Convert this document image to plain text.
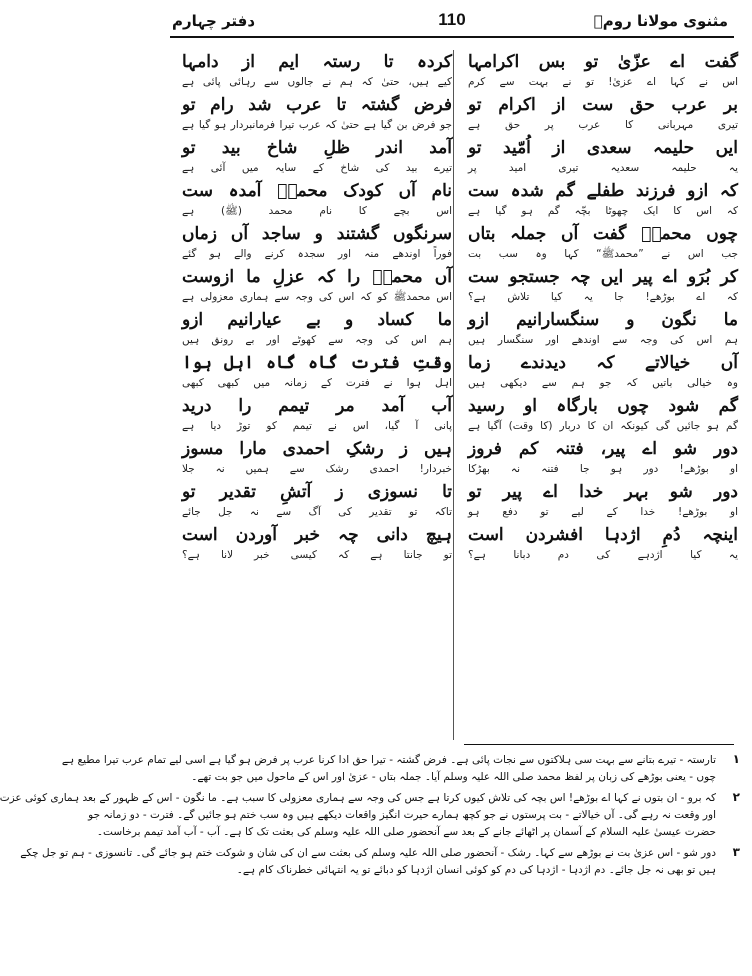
مثنوی مولانا رومؒ
110
دفتر چہارم
گفت اے عزّیٰ تو بس اکرامہا
اس نے کہا اے عزیٰ! تو نے بہت سے کرم
بر عرب حق ست از اکرام تو
تیری مہربانی کا عرب پر حق ہے
ایں حلیمہ سعدی از اُمّید تو
یہ حلیمہ سعدیہ تیری امید پر
کہ ازو فرزند طفلے گم شدہ ست
کہ اس کا ایک چھوٹا بچّہ گم ہو گیا ہے
چوں محمدؐ گفت آں جملہ بتاں
جب اس نے ”محمدﷺ“ کہا وہ سب بت
کر بُرَو اے پیر ایں چہ جستجو ست
کہ اے بوڑھے! جا یہ کیا تلاش ہے؟
ما نگون و سنگسارانیم ازو
ہم اس کی وجہ سے اوندھے اور سنگسار ہیں
آں خیالاتے کہ دیدندے زما
وہ خیالی باتیں کہ جو ہم سے دیکھی ہیں
گم شود چوں بارگاہ او رسید
گم ہو جائیں گی کیونکہ ان کا دربار (کا وقت) آگیا ہے
دور شو اے پیر، فتنہ کم فروز
او بوڑھے! دور ہو جا فتنہ نہ بھڑکا
دور شو بہر خدا اے پیر تو
او بوڑھے! خدا کے لیے تو دفع ہو
اینچہ دُمِ اژدہا افشردن است
یہ کیا اژدہے کی دم دبانا ہے؟
کردہ تا رستہ ایم از دامہا
کیے ہیں، حتیٰ کہ ہم نے جالوں سے رہائی پائی ہے
فرض گشتہ تا عرب شد رام تو
جو فرض بن گیا ہے حتیٰ کہ عرب تیرا فرمانبردار ہو گیا ہے
آمد اندر ظلِ شاخ بید تو
تیرے بید کی شاخ کے سایہ میں آئی ہے
نام آں کودک محمدؐ آمدہ ست
اس بچے کا نام محمد (ﷺ) ہے
سرنگوں گشتند و ساجد آں زماں
فوراً اوندھے منہ اور سجدہ کرنے والے ہو گئے
آں محمدؐ را کہ عزلِ ما ازوست
اس محمدﷺ کو کہ اس کی وجہ سے ہماری معزولی ہے
ما کساد و بے عیارانیم ازو
ہم اس کی وجہ سے کھوٹے اور بے رونق ہیں
وقتِ فترت گاہ گاہ اہل ہوا
اہل ہوا نے فترت کے زمانہ میں کبھی کبھی
آب آمد مر تیمم را درید
پانی آ گیا، اس نے تیمم کو توڑ دیا ہے
ہیں ز رشکِ احمدی مارا مسوز
خبردار! احمدی رشک سے ہمیں نہ جلا
تا نسوزی ز آتشِ تقدیر تو
تاکہ تو تقدیر کی آگ سے نہ جل جائے
ہیچ دانی چہ خبر آوردن است
تو جانتا ہے کہ کیسی خبر لانا ہے؟
۱
تارستہ - تیرے بتانے سے بہت سی ہلاکتوں سے نجات پائی ہے۔ فرض گشتہ - تیرا حق ادا کرنا عرب پر فرض ہو گیا ہے اسی لیے تمام عرب تیرا مطیع ہے
چوں - یعنی بوڑھے کی زبان پر لفظ محمد صلی اللہ علیہ وسلم آیا۔ جملہ بتاں - عزیٰ اور اس کے ماحول میں جو بت تھے۔
۲
کہ برو - ان بتوں نے کہا اے بوڑھے! اس بچہ کی تلاش کیوں کرتا ہے جس کی وجہ سے ہماری معزولی کا سبب ہے۔ ما نگون - اس کے ظہور کے بعد ہماری کوئی عزت
اور وقعت نہ رہے گی۔ آں خیالاتے - بت پرستوں نے جو کچھ ہمارے حیرت انگیز واقعات دیکھے ہیں وہ سب ختم ہو جائیں گے۔ فترت - دو زمانہ جو
حضرت عیسیٰ علیہ السلام کے آسمان پر اٹھائے جانے کے بعد سے آنحضور صلی اللہ علیہ وسلم کی بعثت تک کا ہے۔ آب - آب آمد تیمم برخاست۔
۳
دور شو - اس عزیٰ بت نے بوڑھے سے کہا۔ رشک - آنحضور صلی اللہ علیہ وسلم کی بعثت سے ان کی شان و شوکت ختم ہو جائے گی۔ تانسوزی - ہم تو جل چکے
ہیں تو بھی نہ جل جائے۔ دم اژدہا - اژدہا کی دم کو کوئی انسان اژدہا کو دبائے تو یہ انتہائی خطرناک کام ہے۔
